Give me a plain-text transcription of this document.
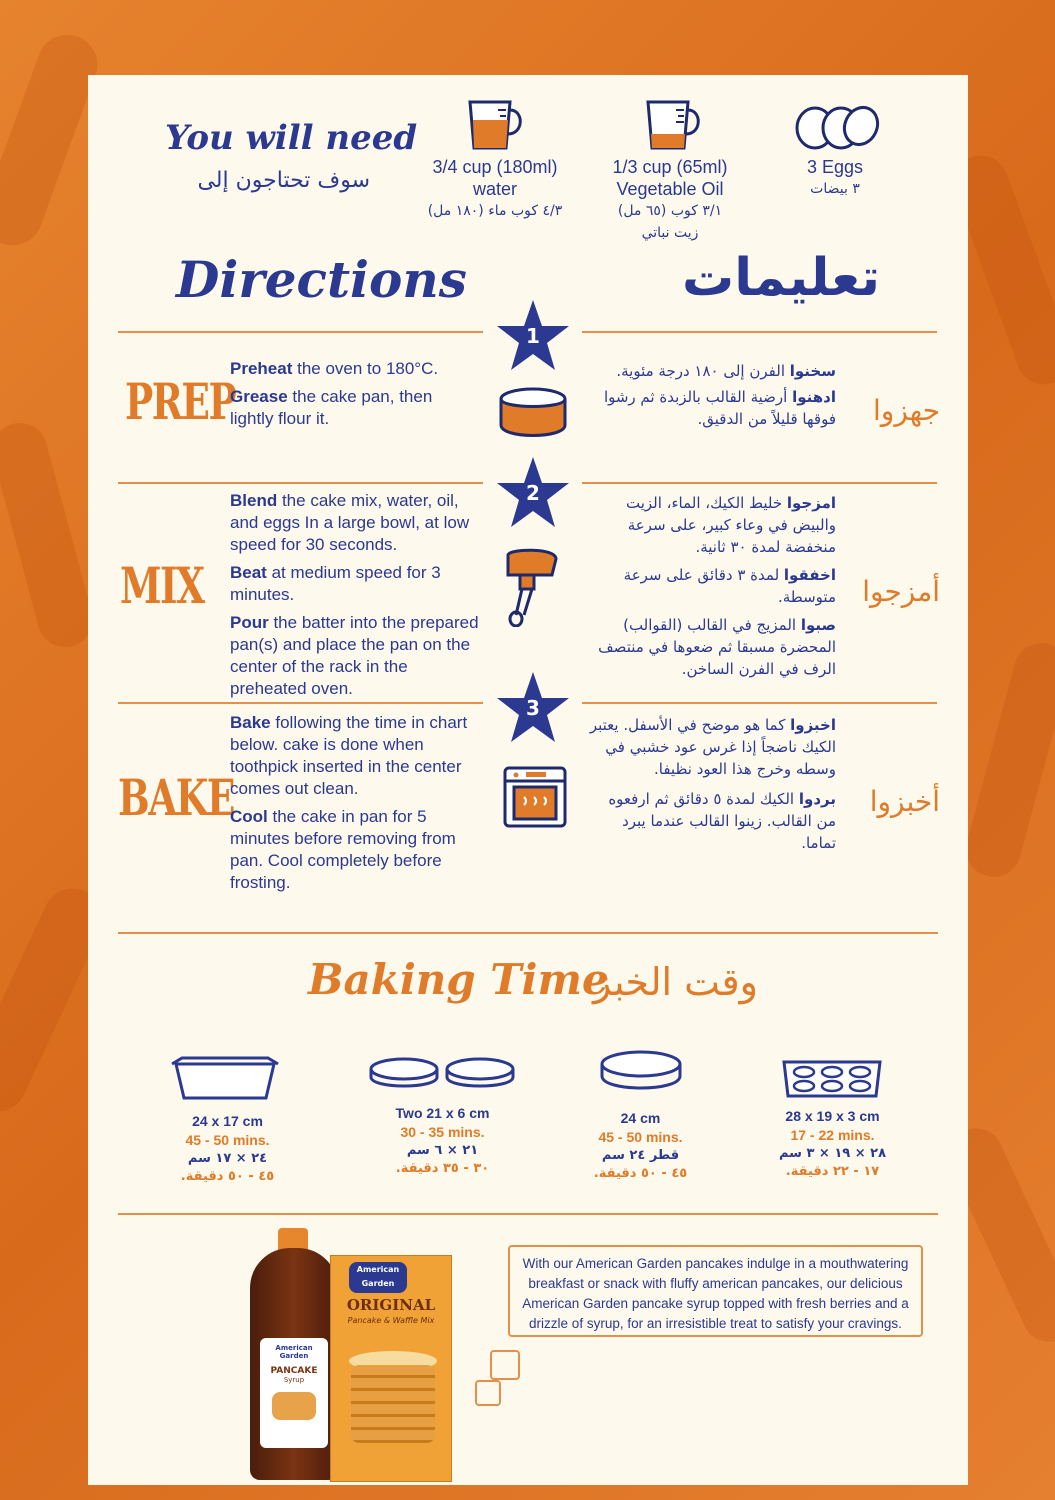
You will need
سوف تحتاجون إلى
3/4 cup (180ml)
water
٤/٣ كوب ماء (١٨٠ مل)
1/3 cup (65ml)
Vegetable Oil
٣/١ كوب (٦٥ مل)
زيت نباتي
3 Eggs
٣ بيضات
Directions	تعليمات
1
2
3
PREP
MIX
BAKE
جهزوا
أمزجوا
أخبزوا

Preheat the oven to 180°C.

Grease the cake pan, then lightly flour it.

Blend the cake mix, water, oil, and eggs In a large bowl, at low speed for 30 seconds.

Beat at medium speed for 3 minutes.

Pour the batter into the prepared pan(s) and place the pan on the center of the rack in the preheated oven.

Bake following the time in chart below. cake is done when toothpick inserted in the center comes out clean.

Cool the cake in pan for 5 minutes before removing from pan. Cool completely before frosting.

سخنوا الفرن إلى ١٨٠ درجة مئوية.

ادهنوا أرضية القالب بالزبدة ثم رشوا فوقها قليلاً من الدقيق.

امزجوا خليط الكيك، الماء، الزيت والبيض في وعاء كبير، على سرعة منخفضة لمدة ٣٠ ثانية.

اخفقوا لمدة ٣ دقائق على سرعة متوسطة.

صبوا المزيج في القالب (القوالب) المحضرة مسبقا ثم ضعوها في منتصف الرف في الفرن الساخن.

اخبزوا كما هو موضح في الأسفل. يعتبر الكيك ناضجاً إذا غرس عود خشبي في وسطه وخرج هذا العود نظيفا.

بردوا الكيك لمدة ٥ دقائق ثم ارفعوه من القالب. زينوا القالب عندما يبرد تماما.

Baking Time
وقت الخبز
24 x 17 cm
45 - 50 mins.
٢٤ × ١٧ سم
٤٥ - ٥٠ دقيقة.
Two 21 x 6 cm
30 - 35 mins.
٢١ × ٦ سم
٣٠ - ٣٥ دقيقة.
24 cm
45 - 50 mins.
قطر ٢٤ سم
٤٥ - ٥٠ دقيقة.
28 x 19 x 3 cm
17 - 22 mins.
٢٨ × ١٩ × ٣ سم
١٧ - ٢٢ دقيقة.
American Garden
PANCAKE
Syrup
American Garden
ORIGINAL
Pancake & Waffle Mix
With our American Garden pancakes indulge in a mouthwatering breakfast or snack with fluffy american pancakes, our delicious American Garden pancake syrup topped with fresh berries and a drizzle of syrup, for an irresistible treat to satisfy your cravings.
